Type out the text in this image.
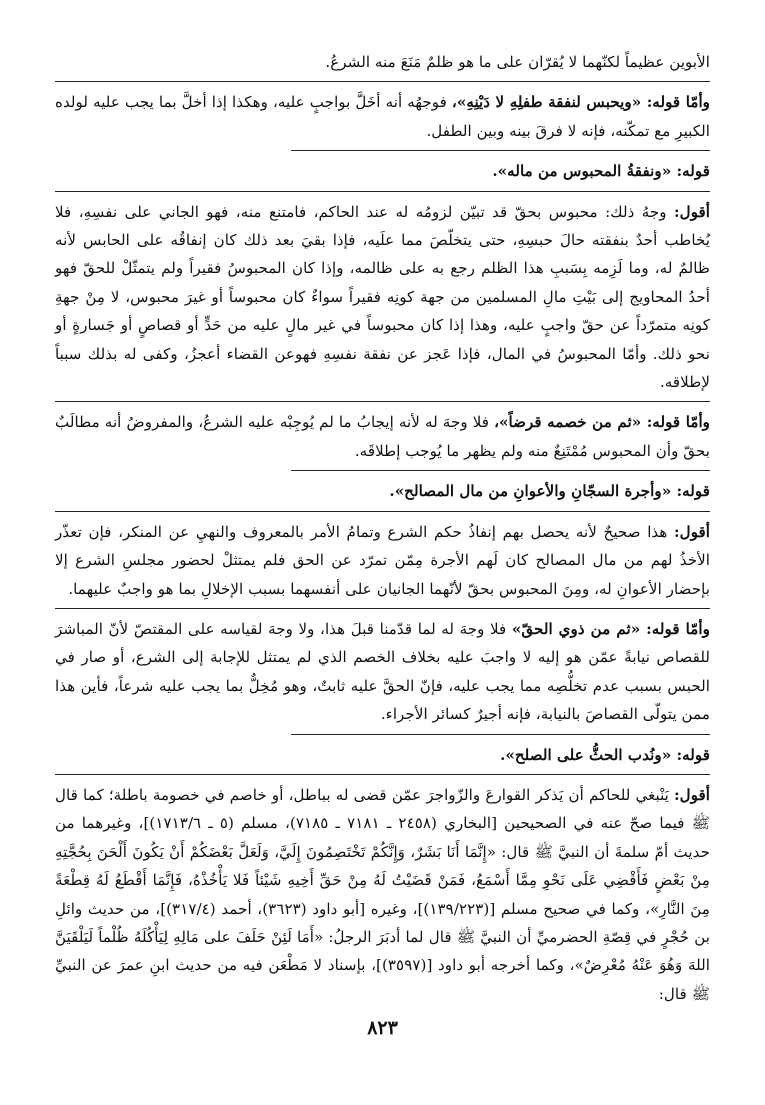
الأبوين عظيماً لكنّهما لا يُقرّان على ما هو ظلمٌ مَنَعَ منه الشرعُ.

وأمّا قوله: «ويحبس لنفقة طفلِهِ لا دَيْنِهِ»، فوجهُه أنه أخَلَّ بواجبٍ عليه، وهكذا إذا أخلَّ بما يجب عليه لولده الكبيرِ مع تمكّنه، فإنه لا فرقَ بينه وبين الطفل.

قوله: «ونفقةُ المحبوس من ماله».

أقول: وجهُ ذلك: محبوس بحقّ قد تبيّن لزومُه له عند الحاكم، فامتنع منه، فهو الجاني على نفسِهِ، فلا يُخاطب أحدٌ بنفقته حالَ حبسِهِ، حتى يتخلّصَ مما علَيه، فإذا بقيَ بعد ذلك كان إنفاقُه على الحابس لأنه ظالمٌ له، وما لَزِمه بِسَببِ هذا الظلم رجع به على ظالمه، وإذا كان المحبوسُ فقيراً ولم يتمثّلْ للحقّ فهو أحدُ المحاويج إلى بَيْتِ مالِ المسلمين من جهة كونِه فقيراً سواءٌ كان محبوساً أو غيرَ محبوس، لا مِنْ جهةِ كونِه متمرّداً عن حقّ واجبٍ عليه، وهذا إذا كان محبوساً في غير مالٍ عليه من حَدٍّ أو قصاصٍ أو جَسارةٍ أو نحو ذلك. وأمّا المحبوسُ في المال، فإذا عَجز عن نفقة نفسِهِ فهوعن القضاء أعجزُ، وكفى له بذلك سبباً لإطلاقه.

وأمّا قوله: «ثم من خصمه قرضاً»، فلا وجهَ له لأنه إيجابُ ما لم يُوجِبْه عليه الشرعُ، والمفروضُ أنه مطالَبٌ بحقّ وأن المحبوس مُمْتَنِعٌ منه ولم يظهر ما يُوجب إطلاقَه.

قوله: «وأجرة السجّانِ والأعوانِ من مال المصالح».

أقول: هذا صحيحٌ لأنه يحصل بهم إنفاذُ حكم الشرع وتمامُ الأمر بالمعروف والنهيِ عن المنكر، فإن تعذّر الأخذُ لهم من مال المصالح كان لَهم الأجرة مِمّن تمرّد عن الحق فلم يمتثلْ لحضور مجلسِ الشرع إلا بإحضار الأعوانِ له، ومِنَ المحبوس بحقّ لأنّهما الجانيان على أنفسهما بسبب الإخلالِ بما هو واجبٌ عليهما.

وأمّا قوله: «ثم من ذوي الحقّ» فلا وجهَ له لما قدّمنا قبلَ هذا، ولا وجهَ لقياسه على المقتصّ لأنّ المباشرَ للقصاص نيابةً عمّن هو إليه لا واجبَ عليه بخلاف الخصم الذي لم يمتثل للإجابة إلى الشرع، أو صار في الحبس بسبب عدم تخلُّصِه مما يجب عليه، فإنّ الحقَّ عليه ثابتٌ، وهو مُخِلٌّ بما يجب عليه شرعاً، فأين هذا ممن يتولّى القصاصَ بالنيابة، فإنه أجيرٌ كسائر الأجراء.

قوله: «ونُدب الحثُّ على الصلح».

أقول: يَنْبغي للحاكم أن يَذكر القوارعَ والزّواجرَ عمّن قضى له بباطل، أو خاصم في خصومة باطلة؛ كما قال ﷺ فيما صحّ عنه في الصحيحين [البخاري (٢٤٥٨ ـ ٧١٨١ ـ ٧١٨٥)، مسلم (٥ ـ ١٧١٣/٦)]، وغيرهما من حديث أمّ سلمةَ أن النبيَّ ﷺ قال: «إِنَّمَا أَنَا بَشَرٌ، وَإِنَّكُمْ تَخْتَصِمُونَ إِلَيَّ، وَلَعَلَّ بَعْضَكُمْ أَنْ يَكُونَ أَلْحَنَ بِحُجَّتِهِ مِنْ بَعْضٍ فَأَقْضِي عَلَى نَحْوِ مِمَّا أَسْمَعُ، فَمَنْ قَضَيْتُ لَهُ مِنْ حَقِّ أَخِيهِ شَيْئاً فَلا يَأْخُذْهُ، فَإِنَّمَا أَقْطَعُ لَهُ قِطْعَةً مِنَ النَّارِ»، وكما في صحيح مسلم [(١٣٩/٢٢٣)]، وغيره [أبو داود (٣٦٢٣)، أحمد (٣١٧/٤)]، من حديث وائلِ بن حُجْرٍ في قِصّةِ الحضرميِّ أن النبيَّ ﷺ قال لما أدبَرَ الرجلُ: «أَمَا لَئِنْ حَلَفَ على مَالِهِ لِيَأْكُلَهُ ظُلْماً لَيَلْقَيَنَّ اللهَ وَهُوَ عَنْهُ مُعْرِضٌ»، وكما أخرجه أبو داود [(٣٥٩٧)]، بإسناد لا مَطْعَن فيه من حديث ابنِ عمرَ عن النبيِّ ﷺ قال:

٨٢٣
